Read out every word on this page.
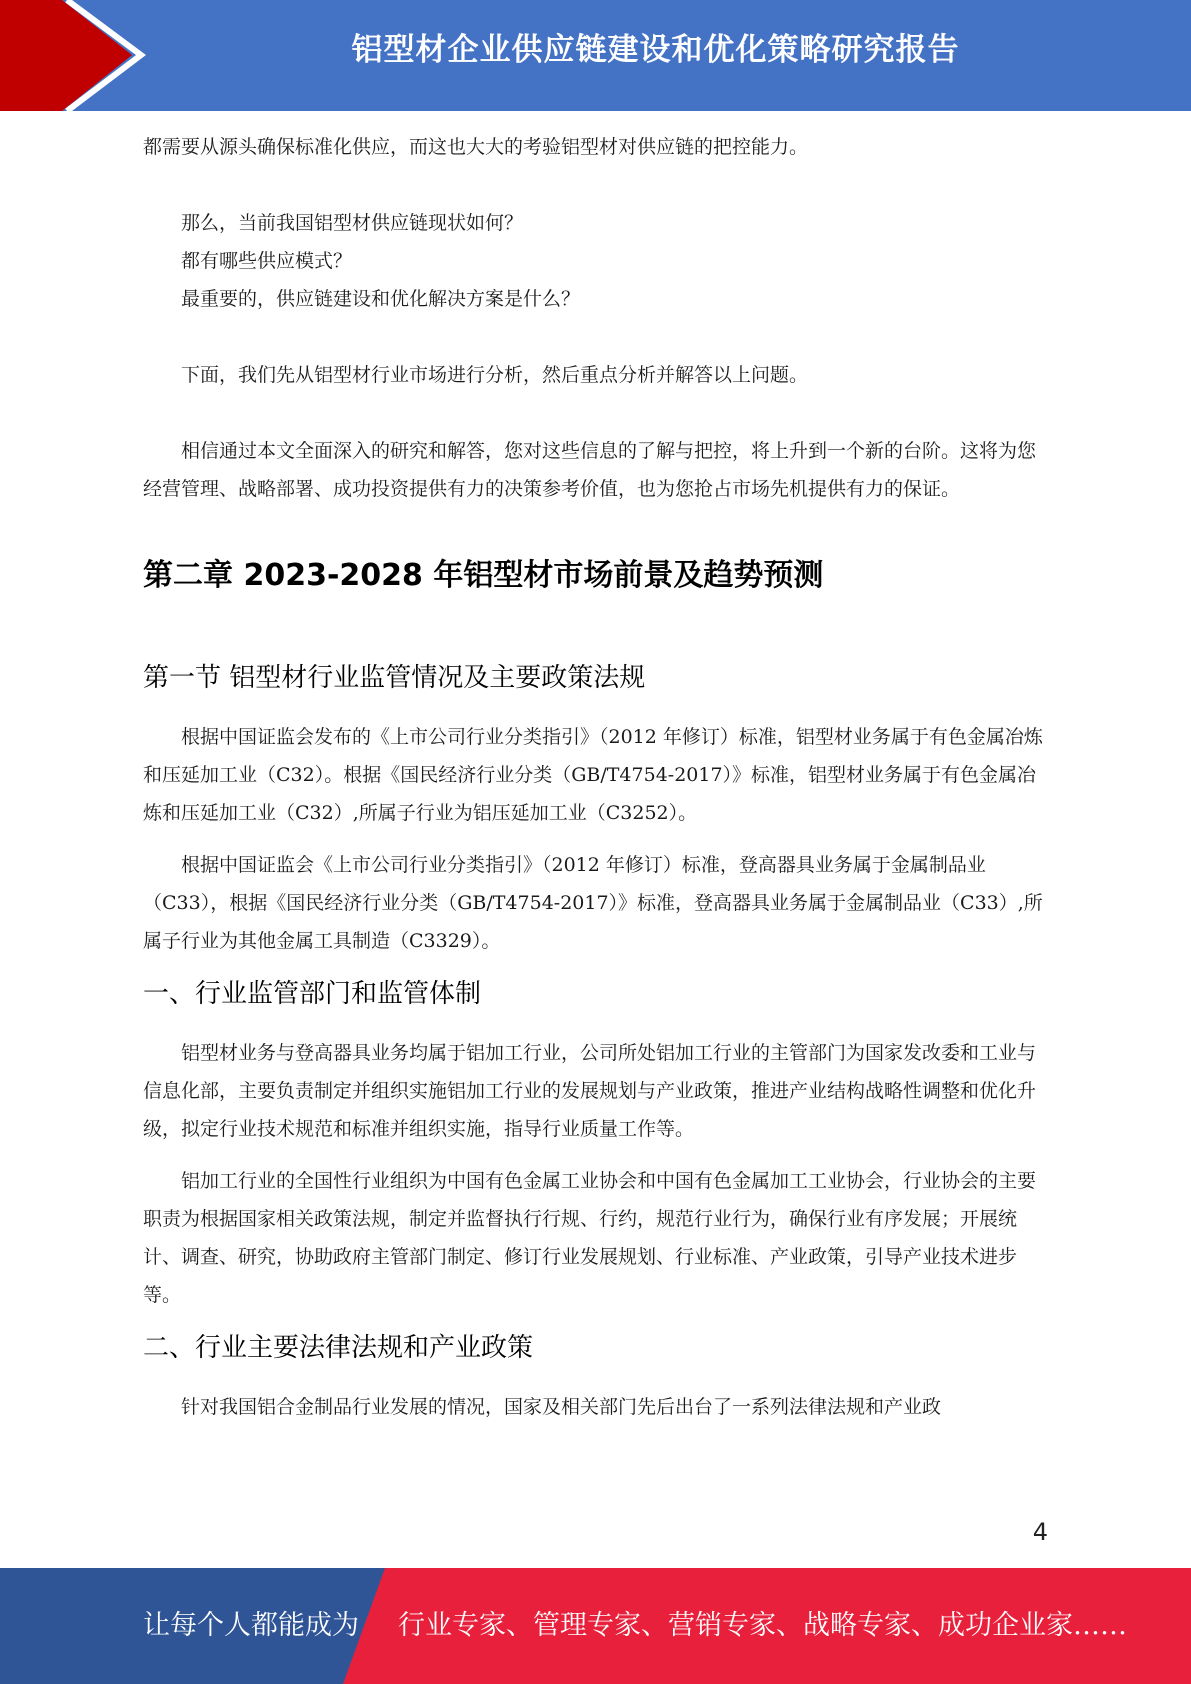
铝型材企业供应链建设和优化策略研究报告

都需要从源头确保标准化供应，而这也大大的考验铝型材对供应链的把控能力。

那么，当前我国铝型材供应链现状如何？

都有哪些供应模式？

最重要的，供应链建设和优化解决方案是什么？

下面，我们先从铝型材行业市场进行分析，然后重点分析并解答以上问题。

相信通过本文全面深入的研究和解答，您对这些信息的了解与把控，将上升到一个新的台阶。这将为您经营管理、战略部署、成功投资提供有力的决策参考价值，也为您抢占市场先机提供有力的保证。

第二章 2023-2028 年铝型材市场前景及趋势预测
第一节 铝型材行业监管情况及主要政策法规

根据中国证监会发布的《上市公司行业分类指引》（2012 年修订）标准，铝型材业务属于有色金属冶炼和压延加工业（C32）。根据《国民经济行业分类（GB/T4754-2017）》标准，铝型材业务属于有色金属冶炼和压延加工业（C32）,所属子行业为铝压延加工业（C3252）。

根据中国证监会《上市公司行业分类指引》（2012 年修订）标准，登高器具业务属于金属制品业（C33），根据《国民经济行业分类（GB/T4754-2017）》标准，登高器具业务属于金属制品业（C33）,所属子行业为其他金属工具制造（C3329）。

一、行业监管部门和监管体制

铝型材业务与登高器具业务均属于铝加工行业，公司所处铝加工行业的主管部门为国家发改委和工业与信息化部，主要负责制定并组织实施铝加工行业的发展规划与产业政策，推进产业结构战略性调整和优化升级，拟定行业技术规范和标准并组织实施，指导行业质量工作等。

铝加工行业的全国性行业组织为中国有色金属工业协会和中国有色金属加工工业协会，行业协会的主要职责为根据国家相关政策法规，制定并监督执行行规、行约，规范行业行为，确保行业有序发展；开展统计、调查、研究，协助政府主管部门制定、修订行业发展规划、行业标准、产业政策，引导产业技术进步等。

二、行业主要法律法规和产业政策

针对我国铝合金制品行业发展的情况，国家及相关部门先后出台了一系列法律法规和产业政

4
让每个人都能成为 行业专家、管理专家、营销专家、战略专家、成功企业家……
